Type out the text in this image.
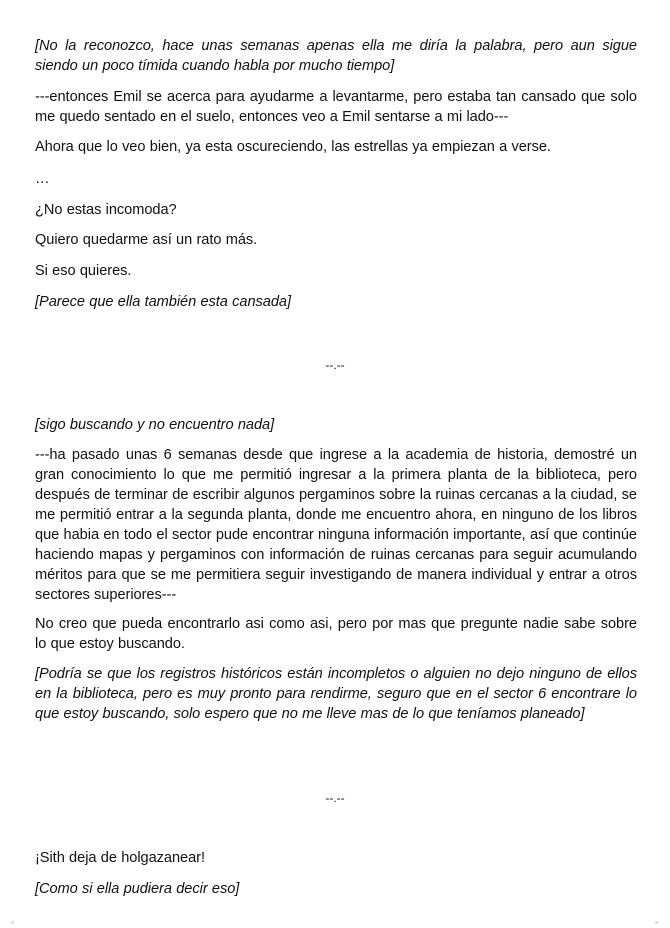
[No la reconozco, hace unas semanas apenas ella me diría la palabra, pero aun sigue siendo un poco tímida cuando habla por mucho tiempo]

---entonces Emil se acerca para ayudarme a levantarme, pero estaba tan cansado que solo me quedo sentado en el suelo, entonces veo a Emil sentarse a mi lado---

Ahora que lo veo bien, ya esta oscureciendo, las estrellas ya empiezan a verse.

…

¿No estas incomoda?

Quiero quedarme así un rato más.

Si eso quieres.

[Parece que ella también esta cansada]

--.--

[sigo buscando y no encuentro nada]

---ha pasado unas 6 semanas desde que ingrese a la academia de historia, demostré un gran conocimiento lo que me permitió ingresar a la primera planta de la biblioteca, pero después de terminar de escribir algunos pergaminos sobre la ruinas cercanas a la ciudad, se me permitió entrar a la segunda planta, donde me encuentro ahora, en ninguno de los libros que habia en todo el sector pude encontrar ninguna información importante, así que continúe haciendo mapas y pergaminos con información de ruinas cercanas para seguir acumulando méritos para que se me permitiera seguir investigando de manera individual y entrar a otros sectores superiores---

No creo que pueda encontrarlo asi como asi, pero por mas que pregunte nadie sabe sobre lo que estoy buscando.

[Podría se que los registros históricos están incompletos o alguien no dejo ninguno de ellos en la biblioteca, pero es muy pronto para rendirme, seguro que en el sector 6 encontrare lo que estoy buscando, solo espero que no me lleve mas de lo que teníamos planeado]

--.--

¡Sith deja de holgazanear!

[Como si ella pudiera decir eso]
